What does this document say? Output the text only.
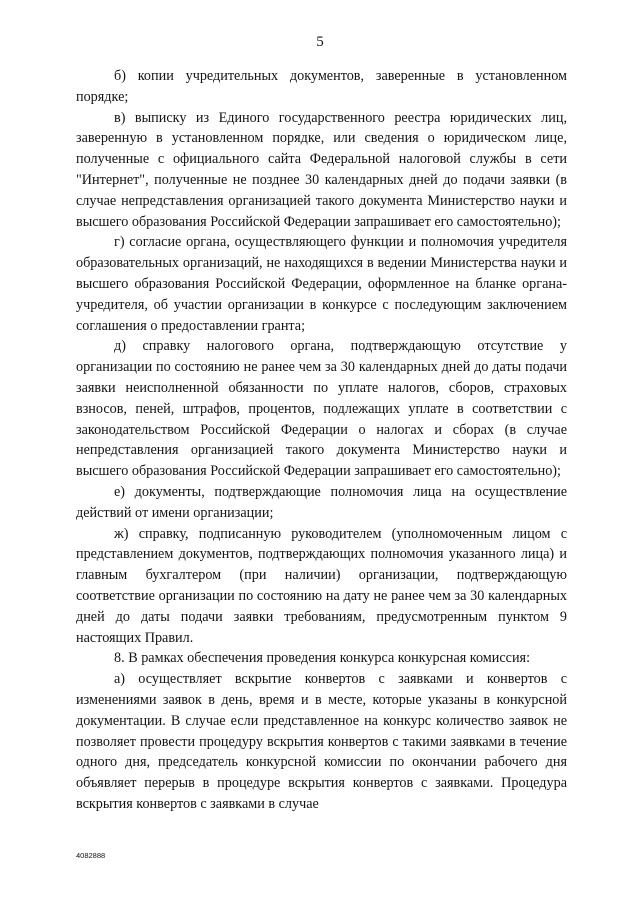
5

б) копии учредительных документов, заверенные в установленном порядке;

в) выписку из Единого государственного реестра юридических лиц, заверенную в установленном порядке, или сведения о юридическом лице, полученные с официального сайта Федеральной налоговой службы в сети "Интернет", полученные не позднее 30 календарных дней до подачи заявки (в случае непредставления организацией такого документа Министерство науки и высшего образования Российской Федерации запрашивает его самостоятельно);

г) согласие органа, осуществляющего функции и полномочия учредителя образовательных организаций, не находящихся в ведении Министерства науки и высшего образования Российской Федерации, оформленное на бланке органа-учредителя, об участии организации в конкурсе с последующим заключением соглашения о предоставлении гранта;

д) справку налогового органа, подтверждающую отсутствие у организации по состоянию не ранее чем за 30 календарных дней до даты подачи заявки неисполненной обязанности по уплате налогов, сборов, страховых взносов, пеней, штрафов, процентов, подлежащих уплате в соответствии с законодательством Российской Федерации о налогах и сборах (в случае непредставления организацией такого документа Министерство науки и высшего образования Российской Федерации запрашивает его самостоятельно);

е) документы, подтверждающие полномочия лица на осуществление действий от имени организации;

ж) справку, подписанную руководителем (уполномоченным лицом с представлением документов, подтверждающих полномочия указанного лица) и главным бухгалтером (при наличии) организации, подтверждающую соответствие организации по состоянию на дату не ранее чем за 30 календарных дней до даты подачи заявки требованиям, предусмотренным пунктом 9 настоящих Правил.

8. В рамках обеспечения проведения конкурса конкурсная комиссия:

а) осуществляет вскрытие конвертов с заявками и конвертов с изменениями заявок в день, время и в месте, которые указаны в конкурсной документации. В случае если представленное на конкурс количество заявок не позволяет провести процедуру вскрытия конвертов с такими заявками в течение одного дня, председатель конкурсной комиссии по окончании рабочего дня объявляет перерыв в процедуре вскрытия конвертов с заявками. Процедура вскрытия конвертов с заявками в случае

4082888
